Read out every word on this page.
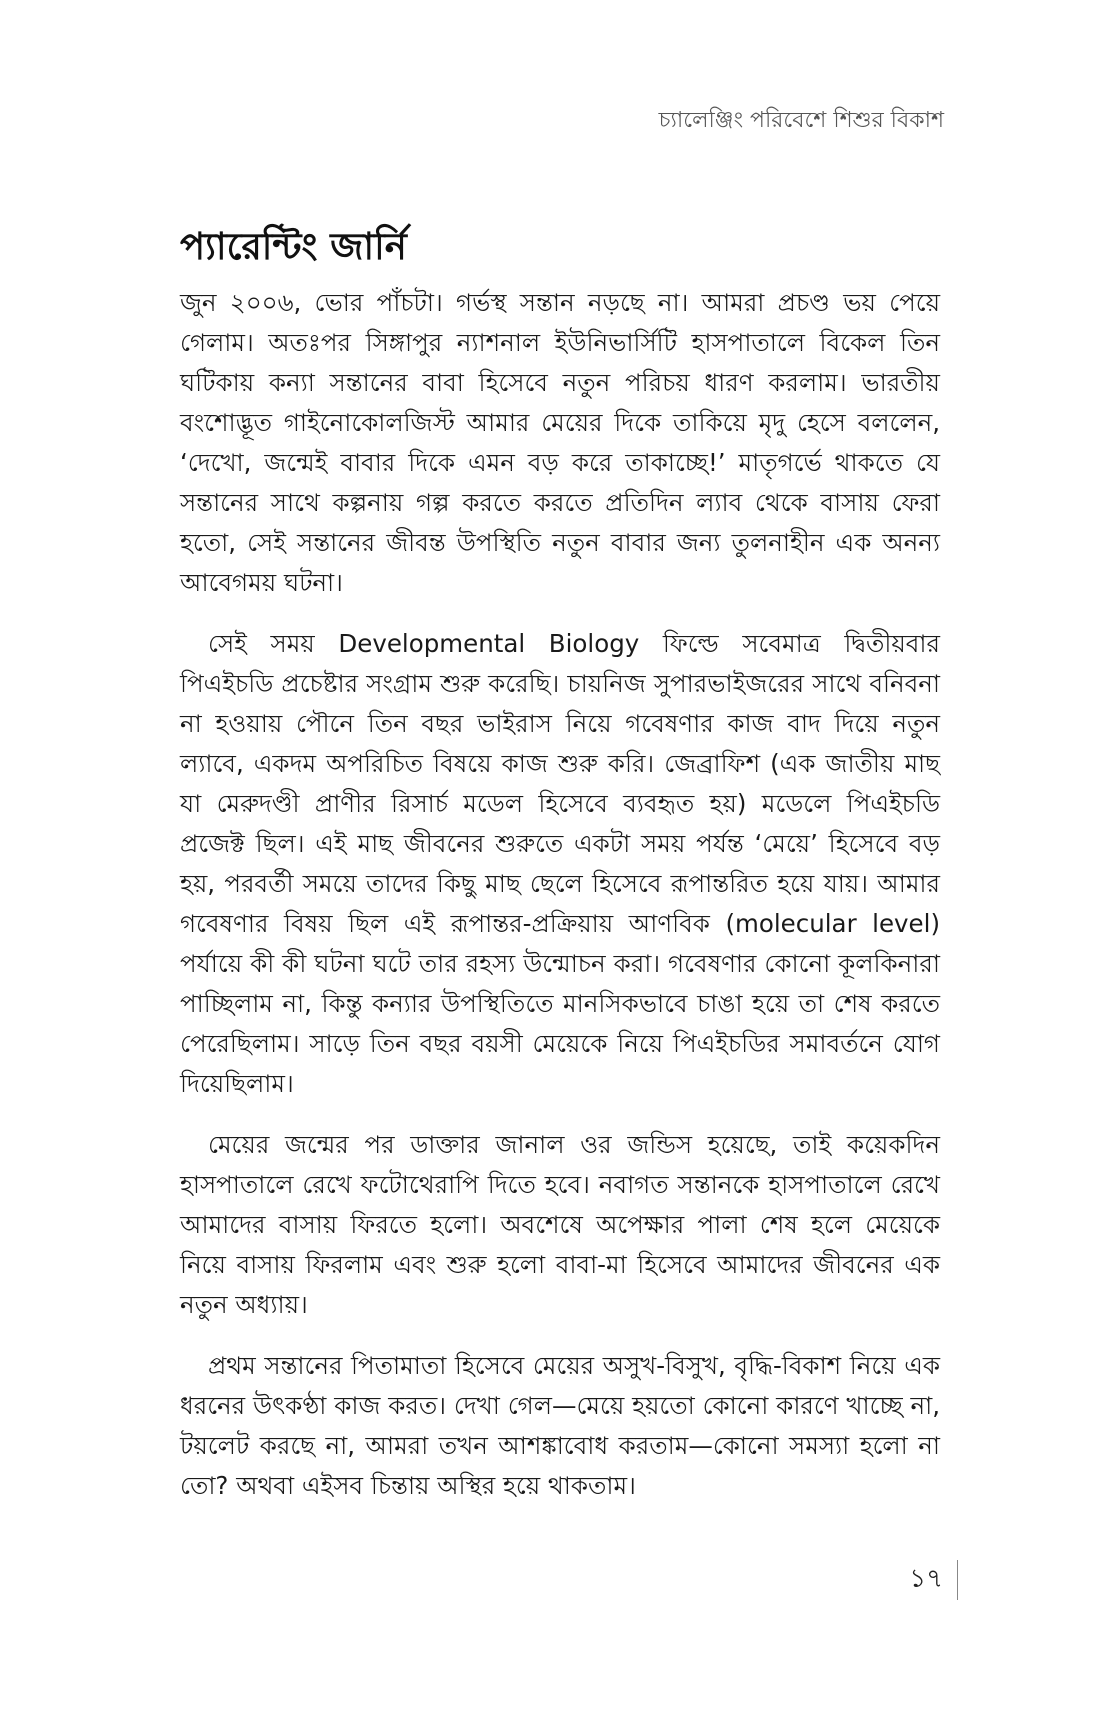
চ্যালেঞ্জিং পরিবেশে শিশুর বিকাশ
প্যারেন্টিং জার্নি

জুন ২০০৬, ভোর পাঁচটা। গর্ভস্থ সন্তান নড়ছে না। আমরা প্রচণ্ড ভয় পেয়ে গেলাম। অতঃপর সিঙ্গাপুর ন্যাশনাল ইউনিভার্সিটি হাসপাতালে বিকেল তিন ঘটিকায় কন্যা সন্তানের বাবা হিসেবে নতুন পরিচয় ধারণ করলাম। ভারতীয় বংশোদ্ভূত গাইনোকোলজিস্ট আমার মেয়ের দিকে তাকিয়ে মৃদু হেসে বললেন, ‘দেখো, জন্মেই বাবার দিকে এমন বড় করে তাকাচ্ছে!’ মাতৃগর্ভে থাকতে যে সন্তানের সাথে কল্পনায় গল্প করতে করতে প্রতিদিন ল্যাব থেকে বাসায় ফেরা হতো, সেই সন্তানের জীবন্ত উপস্থিতি নতুন বাবার জন্য তুলনাহীন এক অনন্য আবেগময় ঘটনা।

সেই সময় Developmental Biology ফিল্ডে সবেমাত্র দ্বিতীয়বার পিএইচডি প্রচেষ্টার সংগ্রাম শুরু করেছি। চায়নিজ সুপারভাইজরের সাথে বনিবনা না হওয়ায় পৌনে তিন বছর ভাইরাস নিয়ে গবেষণার কাজ বাদ দিয়ে নতুন ল্যাবে, একদম অপরিচিত বিষয়ে কাজ শুরু করি। জেব্রাফিশ (এক জাতীয় মাছ যা মেরুদণ্ডী প্রাণীর রিসার্চ মডেল হিসেবে ব্যবহৃত হয়) মডেলে পিএইচডি প্রজেক্ট ছিল। এই মাছ জীবনের শুরুতে একটা সময় পর্যন্ত ‘মেয়ে’ হিসেবে বড় হয়, পরবর্তী সময়ে তাদের কিছু মাছ ছেলে হিসেবে রূপান্তরিত হয়ে যায়। আমার গবেষণার বিষয় ছিল এই রূপান্তর-প্রক্রিয়ায় আণবিক (molecular level) পর্যায়ে কী কী ঘটনা ঘটে তার রহস্য উন্মোচন করা। গবেষণার কোনো কূলকিনারা পাচ্ছিলাম না, কিন্তু কন্যার উপস্থিতিতে মানসিকভাবে চাঙা হয়ে তা শেষ করতে পেরেছিলাম। সাড়ে তিন বছর বয়সী মেয়েকে নিয়ে পিএইচডির সমাবর্তনে যোগ দিয়েছিলাম।

মেয়ের জন্মের পর ডাক্তার জানাল ওর জন্ডিস হয়েছে, তাই কয়েকদিন হাসপাতালে রেখে ফটোথেরাপি দিতে হবে। নবাগত সন্তানকে হাসপাতালে রেখে আমাদের বাসায় ফিরতে হলো। অবশেষে অপেক্ষার পালা শেষ হলে মেয়েকে নিয়ে বাসায় ফিরলাম এবং শুরু হলো বাবা-মা হিসেবে আমাদের জীবনের এক নতুন অধ্যায়।

প্রথম সন্তানের পিতামাতা হিসেবে মেয়ের অসুখ-বিসুখ, বৃদ্ধি-বিকাশ নিয়ে এক ধরনের উৎকণ্ঠা কাজ করত। দেখা গেল—মেয়ে হয়তো কোনো কারণে খাচ্ছে না, টয়লেট করছে না, আমরা তখন আশঙ্কাবোধ করতাম—কোনো সমস্যা হলো না তো? অথবা এইসব চিন্তায় অস্থির হয়ে থাকতাম।

১৭
